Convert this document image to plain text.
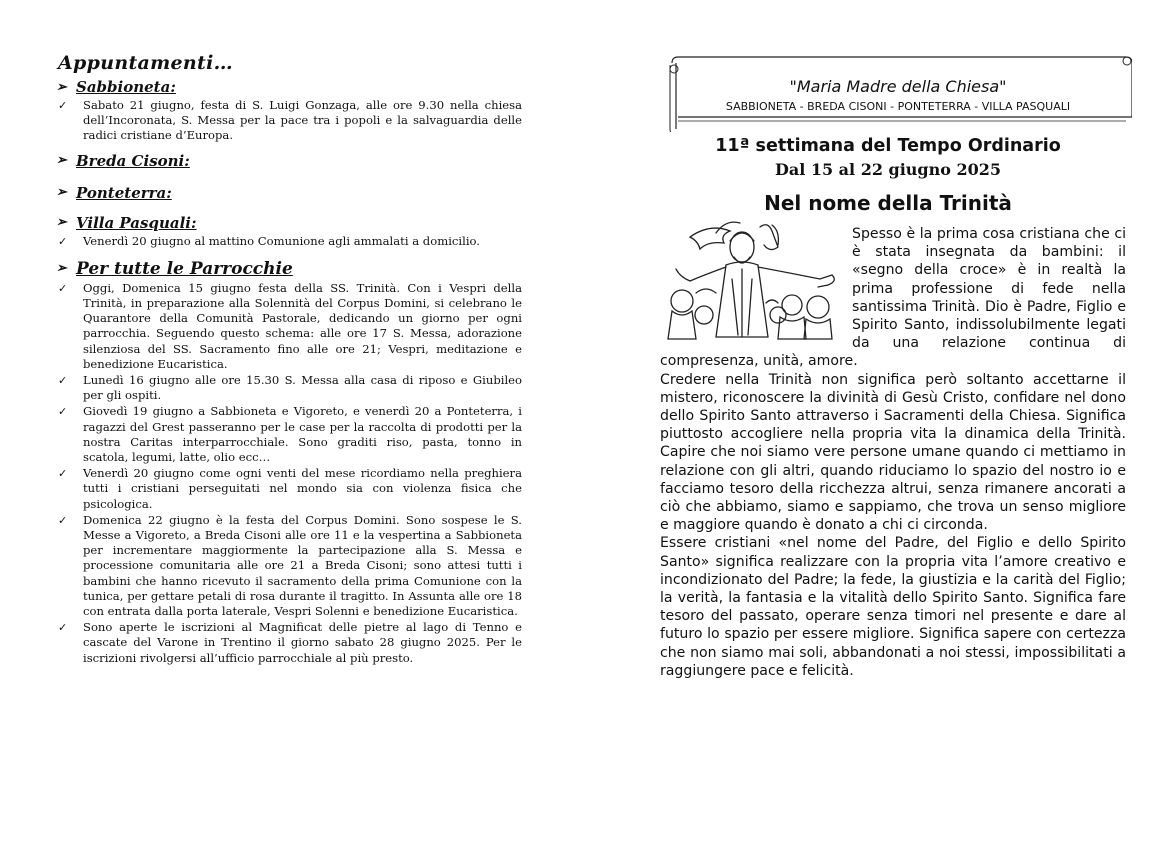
Appuntamenti…
➢ Sabbioneta:
✓ Sabato 21 giugno, festa di S. Luigi Gonzaga, alle ore 9.30 nella chiesa dell’Incoronata, S. Messa per la pace tra i popoli e la salvaguardia delle radici cristiane d’Europa.
➢ Breda Cisoni:
➢ Ponteterra:
➢ Villa Pasquali:
✓ Venerdì 20 giugno al mattino Comunione agli ammalati a domicilio.
➢ Per tutte le Parrocchie
✓ Oggi, Domenica 15 giugno festa della SS. Trinità. Con i Vespri della Trinità, in preparazione alla Solennità del Corpus Domini, si celebrano le Quarantore della Comunità Pastorale, dedicando un giorno per ogni parrocchia. Seguendo questo schema: alle ore 17 S. Messa, adorazione silenziosa del SS. Sacramento fino alle ore 21; Vespri, meditazione e benedizione Eucaristica.
✓ Lunedì 16 giugno alle ore 15.30 S. Messa alla casa di riposo e Giubileo per gli ospiti.
✓ Giovedì 19 giugno a Sabbioneta e Vigoreto, e venerdì 20 a Ponteterra, i ragazzi del Grest passeranno per le case per la raccolta di prodotti per la nostra Caritas interparrocchiale. Sono graditi riso, pasta, tonno in scatola, legumi, latte, olio ecc…
✓ Venerdì 20 giugno come ogni venti del mese ricordiamo nella preghiera tutti i cristiani perseguitati nel mondo sia con violenza fisica che psicologica.
✓ Domenica 22 giugno è la festa del Corpus Domini. Sono sospese le S. Messe a Vigoreto, a Breda Cisoni alle ore 11 e la vespertina a Sabbioneta per incrementare maggiormente la partecipazione alla S. Messa e processione comunitaria alle ore 21 a Breda Cisoni; sono attesi tutti i bambini che hanno ricevuto il sacramento della prima Comunione con la tunica, per gettare petali di rosa durante il tragitto. In Assunta alle ore 18 con entrata dalla porta laterale, Vespri Solenni e benedizione Eucaristica.
✓ Sono aperte le iscrizioni al Magnificat delle pietre al lago di Tenno e cascate del Varone in Trentino il giorno sabato 28 giugno 2025. Per le iscrizioni rivolgersi all’ufficio parrocchiale al più presto.
"Maria Madre della Chiesa"
SABBIONETA - BREDA CISONI - PONTETERRA - VILLA PASQUALI
11ª settimana del Tempo Ordinario
Dal 15 al 22 giugno 2025
Nel nome della Trinità

Spesso è la prima cosa cristiana che ci è stata insegnata da bambini: il «segno della croce» è in realtà la prima professione di fede nella santissima Trinità. Dio è Padre, Figlio e Spirito Santo, indissolubilmente legati da una relazione continua di compresenza, unità, amore.

Credere nella Trinità non significa però soltanto accettarne il mistero, riconoscere la divinità di Gesù Cristo, confidare nel dono dello Spirito Santo attraverso i Sacramenti della Chiesa. Significa piuttosto accogliere nella propria vita la dinamica della Trinità. Capire che noi siamo vere persone umane quando ci mettiamo in relazione con gli altri, quando riduciamo lo spazio del nostro io e facciamo tesoro della ricchezza altrui, senza rimanere ancorati a ciò che abbiamo, siamo e sappiamo, che trova un senso migliore e maggiore quando è donato a chi ci circonda.

Essere cristiani «nel nome del Padre, del Figlio e dello Spirito Santo» significa realizzare con la propria vita l’amore creativo e incondizionato del Padre; la fede, la giustizia e la carità del Figlio; la verità, la fantasia e la vitalità dello Spirito Santo. Significa fare tesoro del passato, operare senza timori nel presente e dare al futuro lo spazio per essere migliore. Significa sapere con certezza che non siamo mai soli, abbandonati a noi stessi, impossibilitati a raggiungere pace e felicità.
